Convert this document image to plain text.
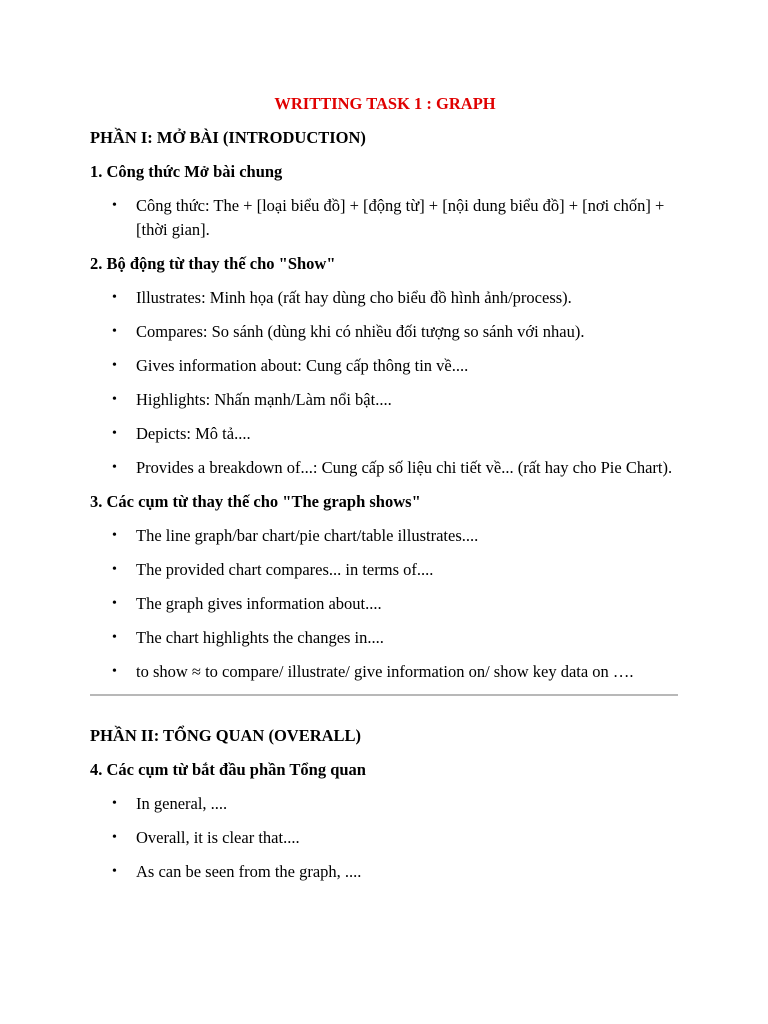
WRITTING TASK 1 : GRAPH
PHẦN I: MỞ BÀI (INTRODUCTION)
1. Công thức Mở bài chung
• Công thức: The + [loại biểu đồ] + [động từ] + [nội dung biểu đồ] + [nơi chốn] + [thời gian].
2. Bộ động từ thay thế cho "Show"
• Illustrates: Minh họa (rất hay dùng cho biểu đồ hình ảnh/process).
• Compares: So sánh (dùng khi có nhiều đối tượng so sánh với nhau).
• Gives information about: Cung cấp thông tin về....
• Highlights: Nhấn mạnh/Làm nổi bật....
• Depicts: Mô tả....
• Provides a breakdown of...: Cung cấp số liệu chi tiết về... (rất hay cho Pie Chart).
3. Các cụm từ thay thế cho "The graph shows"
• The line graph/bar chart/pie chart/table illustrates....
• The provided chart compares... in terms of....
• The graph gives information about....
• The chart highlights the changes in....
• to show ≈ to compare/ illustrate/ give information on/ show key data on ….
PHẦN II: TỔNG QUAN (OVERALL)
4. Các cụm từ bắt đầu phần Tổng quan
• In general, ....
• Overall, it is clear that....
• As can be seen from the graph, ....
